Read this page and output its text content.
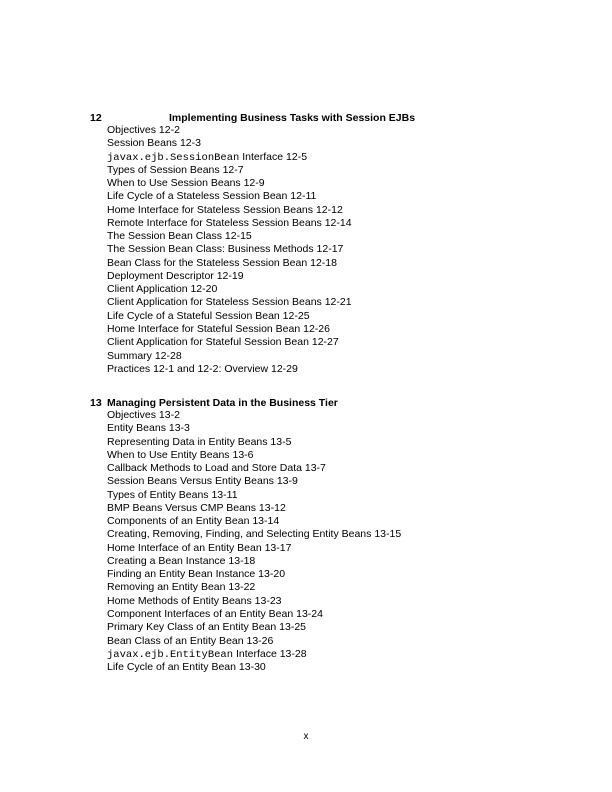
12	Implementing Business Tasks with Session EJBs
Objectives 12-2
Session Beans 12-3
javax.ejb.SessionBean Interface 12-5
Types of Session Beans 12-7
When to Use Session Beans 12-9
Life Cycle of a Stateless Session Bean 12-11
Home Interface for Stateless Session Beans 12-12
Remote Interface for Stateless Session Beans 12-14
The Session Bean Class 12-15
The Session Bean Class: Business Methods 12-17
Bean Class for the Stateless Session Bean 12-18
Deployment Descriptor 12-19
Client Application 12-20
Client Application for Stateless Session Beans 12-21
Life Cycle of a Stateful Session Bean 12-25
Home Interface for Stateful Session Bean 12-26
Client Application for Stateful Session Bean 12-27
Summary 12-28
Practices 12-1 and 12-2: Overview 12-29
13 Managing Persistent Data in the Business Tier
Objectives 13-2
Entity Beans 13-3
Representing Data in Entity Beans 13-5
When to Use Entity Beans 13-6
Callback Methods to Load and Store Data 13-7
Session Beans Versus Entity Beans 13-9
Types of Entity Beans 13-11
BMP Beans Versus CMP Beans 13-12
Components of an Entity Bean 13-14
Creating, Removing, Finding, and Selecting Entity Beans 13-15
Home Interface of an Entity Bean 13-17
Creating a Bean Instance 13-18
Finding an Entity Bean Instance 13-20
Removing an Entity Bean 13-22
Home Methods of Entity Beans 13-23
Component Interfaces of an Entity Bean 13-24
Primary Key Class of an Entity Bean 13-25
Bean Class of an Entity Bean 13-26
javax.ejb.EntityBean Interface 13-28
Life Cycle of an Entity Bean 13-30
x
